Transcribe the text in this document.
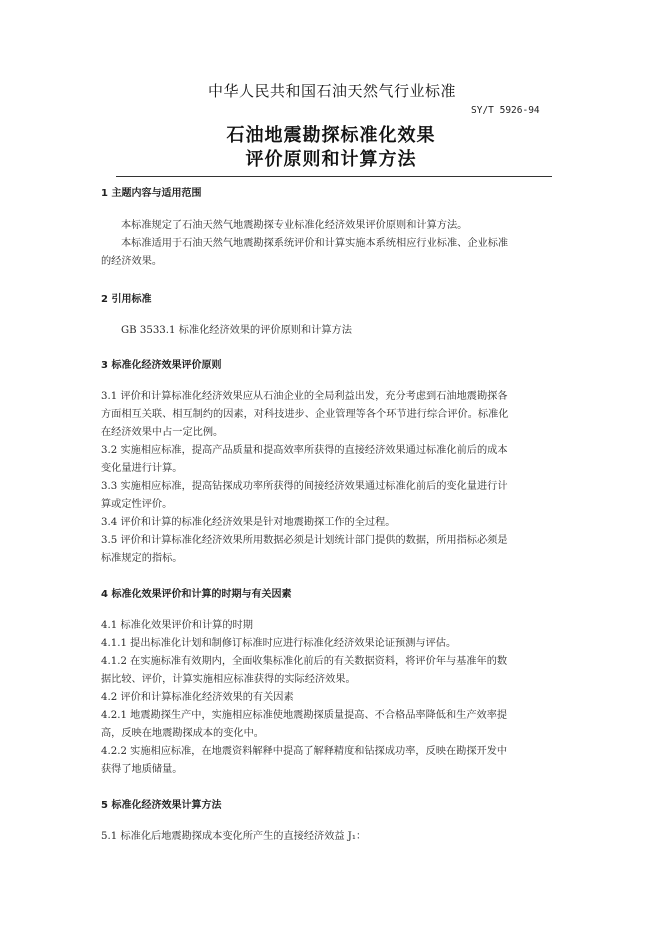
中华人民共和国石油天然气行业标准
SY/T 5926-94
石油地震勘探标准化效果
评价原则和计算方法
1 主题内容与适用范围
本标准规定了石油天然气地震勘探专业标准化经济效果评价原则和计算方法。
本标准适用于石油天然气地震勘探系统评价和计算实施本系统相应行业标准、企业标准
的经济效果。
2 引用标准
GB 3533.1 标准化经济效果的评价原则和计算方法
3 标准化经济效果评价原则
3.1 评价和计算标准化经济效果应从石油企业的全局利益出发，充分考虑到石油地震勘探各
方面相互关联、相互制约的因素，对科技进步、企业管理等各个环节进行综合评价。标准化
在经济效果中占一定比例。
3.2 实施相应标准，提高产品质量和提高效率所获得的直接经济效果通过标准化前后的成本
变化量进行计算。
3.3 实施相应标准，提高钻探成功率所获得的间接经济效果通过标准化前后的变化量进行计
算或定性评价。
3.4 评价和计算的标准化经济效果是针对地震勘探工作的全过程。
3.5 评价和计算标准化经济效果所用数据必须是计划统计部门提供的数据，所用指标必须是
标准规定的指标。
4 标准化效果评价和计算的时期与有关因素
4.1 标准化效果评价和计算的时期
4.1.1 提出标准化计划和制修订标准时应进行标准化经济效果论证预测与评估。
4.1.2 在实施标准有效期内，全面收集标准化前后的有关数据资料，将评价年与基准年的数
据比较、评价，计算实施相应标准获得的实际经济效果。
4.2 评价和计算标准化经济效果的有关因素
4.2.1 地震勘探生产中，实施相应标准使地震勘探质量提高、不合格品率降低和生产效率提
高，反映在地震勘探成本的变化中。
4.2.2 实施相应标准，在地震资料解释中提高了解释精度和钻探成功率，反映在勘探开发中
获得了地质储量。
5 标准化经济效果计算方法
5.1 标准化后地震勘探成本变化所产生的直接经济效益 J₁：
